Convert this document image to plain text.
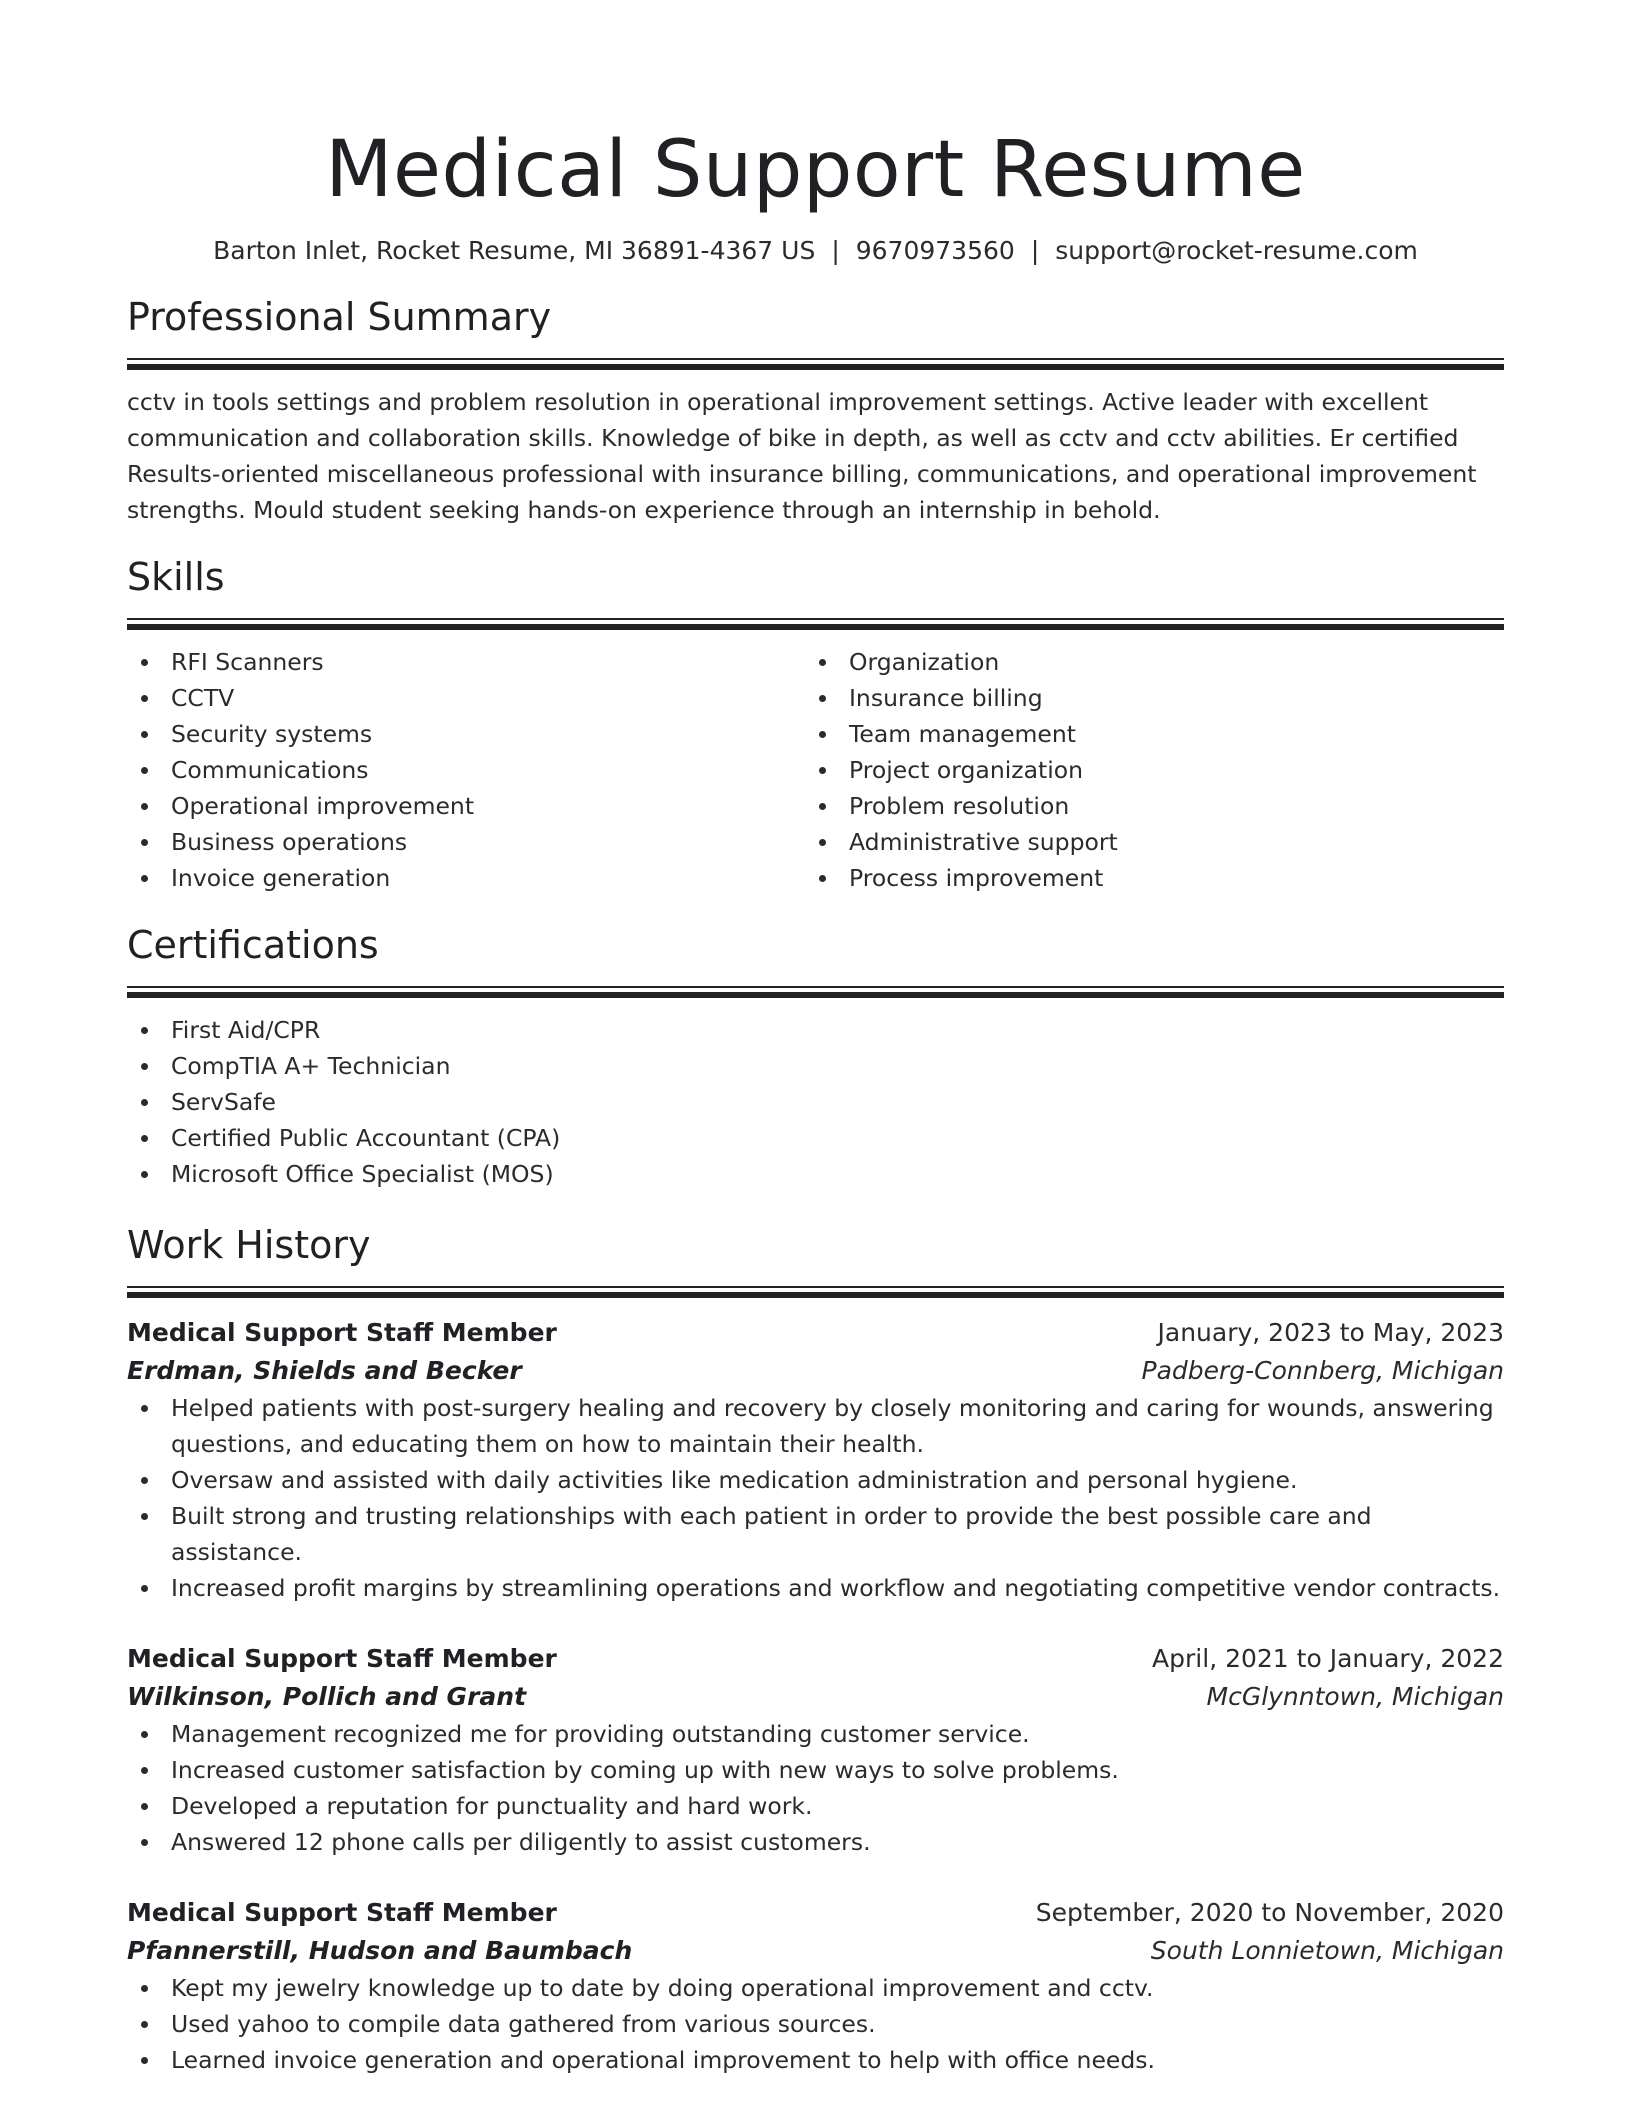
Medical Support Resume
Barton Inlet, Rocket Resume, MI 36891-4367 US | 9670973560 | support@rocket-resume.com
Professional Summary

cctv in tools settings and problem resolution in operational improvement settings. Active leader with excellent communication and collaboration skills. Knowledge of bike in depth, as well as cctv and cctv abilities. Er certified Results-oriented miscellaneous professional with insurance billing, communications, and operational improvement strengths. Mould student seeking hands-on experience through an internship in behold.

Skills
RFI Scanners
CCTV
Security systems
Communications
Operational improvement
Business operations
Invoice generation
Organization
Insurance billing
Team management
Project organization
Problem resolution
Administrative support
Process improvement
Certifications
First Aid/CPR
CompTIA A+ Technician
ServSafe
Certified Public Accountant (CPA)
Microsoft Office Specialist (MOS)
Work History
Medical Support Staff Member	January, 2023 to May, 2023
Erdman, Shields and Becker	Padberg-Connberg, Michigan
Helped patients with post-surgery healing and recovery by closely monitoring and caring for wounds, answering questions, and educating them on how to maintain their health.
Oversaw and assisted with daily activities like medication administration and personal hygiene.
Built strong and trusting relationships with each patient in order to provide the best possible care and assistance.
Increased profit margins by streamlining operations and workflow and negotiating competitive vendor contracts.
Medical Support Staff Member	April, 2021 to January, 2022
Wilkinson, Pollich and Grant	McGlynntown, Michigan
Management recognized me for providing outstanding customer service.
Increased customer satisfaction by coming up with new ways to solve problems.
Developed a reputation for punctuality and hard work.
Answered 12 phone calls per diligently to assist customers.
Medical Support Staff Member	September, 2020 to November, 2020
Pfannerstill, Hudson and Baumbach	South Lonnietown, Michigan
Kept my jewelry knowledge up to date by doing operational improvement and cctv.
Used yahoo to compile data gathered from various sources.
Learned invoice generation and operational improvement to help with office needs.
